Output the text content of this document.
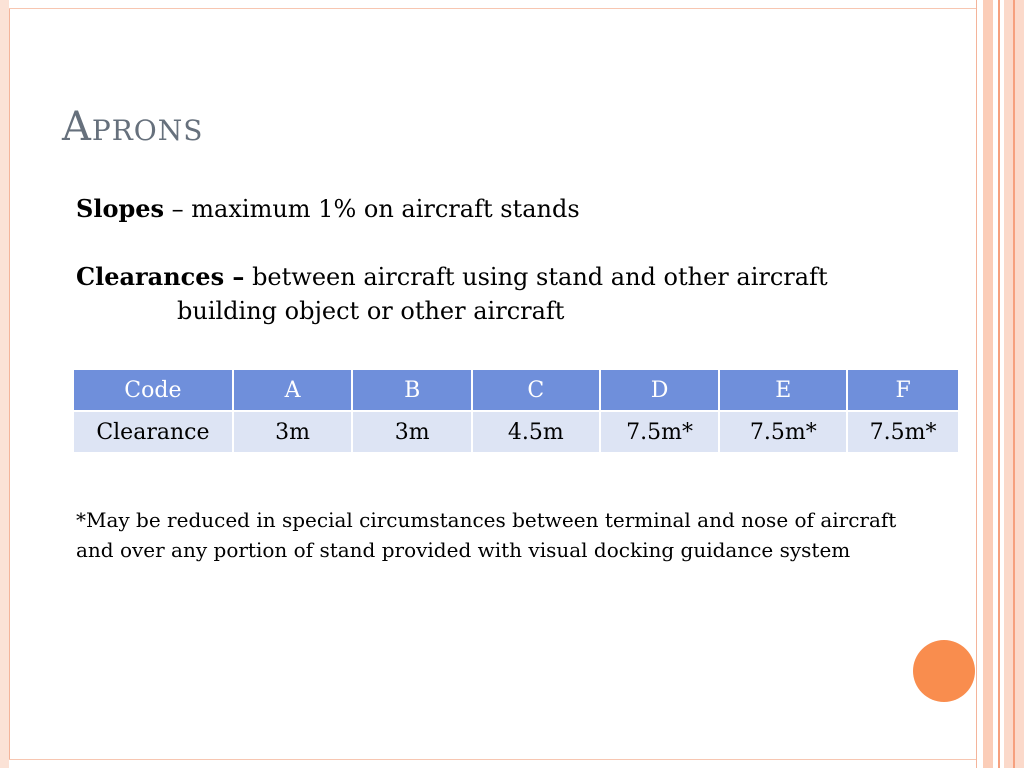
Aprons
Slopes – maximum 1% on aircraft stands
Clearances – between aircraft using stand and other aircraft
building object or other aircraft
Code	A	B	C	D	E	F
Clearance	3m	3m	4.5m	7.5m*	7.5m*	7.5m*
*May be reduced in special circumstances between terminal and nose of aircraft and over any portion of stand provided with visual docking guidance system
